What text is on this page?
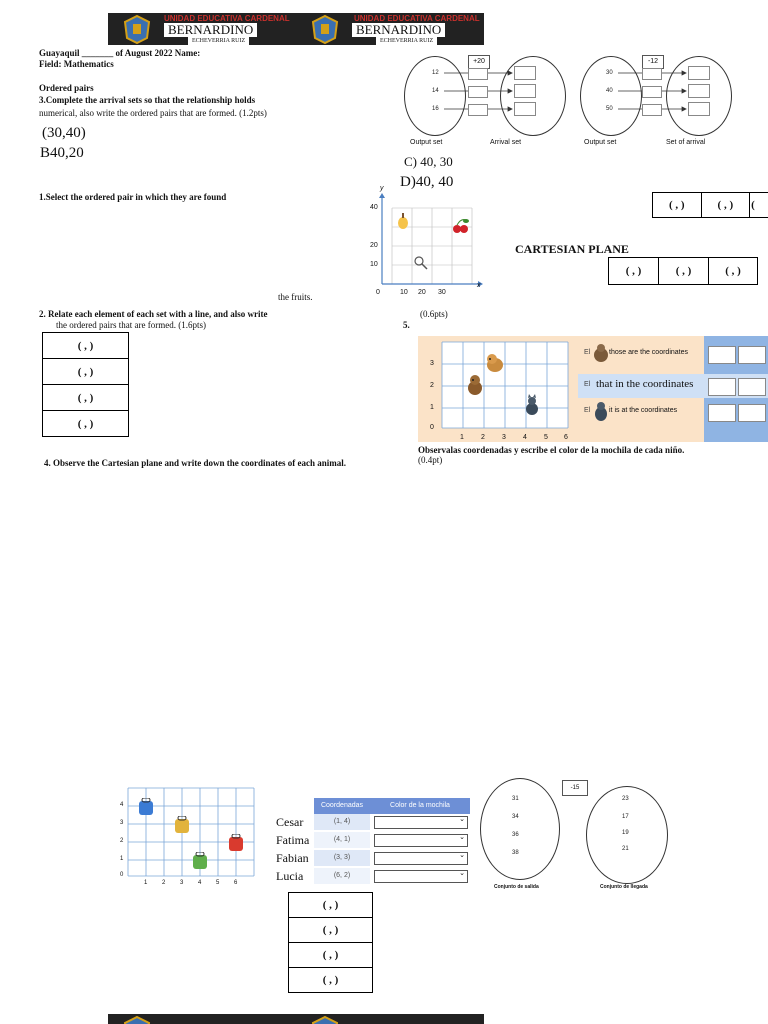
UNIDAD EDUCATIVA CARDENAL
BERNARDINO
ECHEVERRIA RUIZ
UNIDAD EDUCATIVA CARDENAL
BERNARDINO
ECHEVERRIA RUIZ
Guayaquil _______ of August 2022 Name:
Field: Mathematics
Ordered pairs
3.Complete the arrival sets so that the relationship holds
numerical, also write the ordered pairs that are formed. (1.2pts)
(30,40)
B40,20
C) 40, 30
D)40, 40
+20
12
14
16
Output set	Arrival set
-12
30
40
50
Output set	Set of arrival
1.Select the ordered pair in which they are found
the fruits.
y
x
40
20
10
0	10 20 30
( , )	( , )	(
CARTESIAN PLANE
( , )	( , )	( , )
2. Relate each element of each set with a line, and also write
the ordered pairs that are formed. (1.6pts)
(0.6pts)
5.
( , )
( , )
( , )
( , )
3
2
1
0
1 2 3 4 5 6
El	those are the coordinates
El that in the coordinates
El	it is at the coordinates
Observalas coordenadas y escribe el color de la mochila de cada niño.
(0.4pt)
4. Observe the Cartesian plane and write down the coordinates of each animal.
4
3
2
1
0
1 2 3 4 5 6
Coordenadas	Color de la mochila
Cesar	(1, 4)	⌄
Fatima	(4, 1)	⌄
Fabian	(3, 3)	⌄
Lucia	(6, 2)	⌄
-15
31
34
36
38
23
17
19
21
Conjunto de salida	Conjunto de llegada
( , )
( , )
( , )
( , )
